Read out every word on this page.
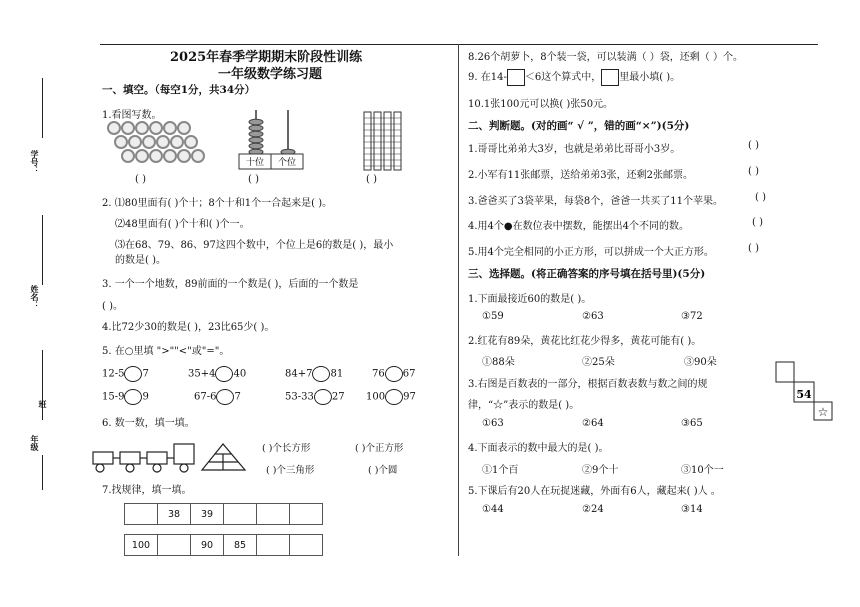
学号：
姓名：
班
年级
2025年春季学期期末阶段性训练
一年级数学练习题
一、填空。（每空1分，共34分）
1.看图写数。
十位 个位
( )	( )	( )
2. ⑴80里面有( )个十；8个十和1个一合起来是( )。
⑵48里面有( )个十和( )个一。
⑶在68、79、86、97这四个数中，个位上是6的数是( )，最小
的数是( )。
3. 一个一个地数，89前面的一个数是( )，后面的一个数是
( )。
4.比72少30的数是( )，23比65少( )。
5. 在○里填 ">""<"或"="。
12-5 7	35+4 40	84+7 81	76 67
15-9 9	67-6 7	53-33 27 100 97
6. 数一数，填一填。
( )个长方形	( )个正方形
( )个三角形	( )个圆
7.找规律，填一填。
	38	39			
100		90	85		
8.26个胡萝卜，8个装一袋，可以装满（ ）袋，还剩（ ）个。
9. 在14- ＜6这个算式中， 里最小填( )。
10.1张100元可以换( )张50元。
二、判断题。(对的画“ √ ”，错的画“×”)(5分)
1.哥哥比弟弟大3岁，也就是弟弟比哥哥小3岁。	( )
2.小军有11张邮票，送给弟弟3张，还剩2张邮票。	( )
3.爸爸买了3袋苹果，每袋8个，爸爸一共买了11个苹果。	( )
4.用4个●在数位表中摆数，能摆出4个不同的数。	( )
5.用4个完全相同的小正方形，可以拼成一个大正方形。	( )
三、选择题。(将正确答案的序号填在括号里)(5分)
1.下面最接近60的数是( )。
①59	②63	③72
2.红花有89朵，黄花比红花少得多，黄花可能有( )。
①88朵	②25朵	③90朵
3.右图是百数表的一部分，根据百数表数与数之间的规
律，“☆”表示的数是( )。
①63	②64	③65
54
☆
4.下面表示的数中最大的是( )。
①1个百	②9个十	③10个一
5.下课后有20人在玩捉迷藏，外面有6人，藏起来( )人 。
①44	②24	③14
